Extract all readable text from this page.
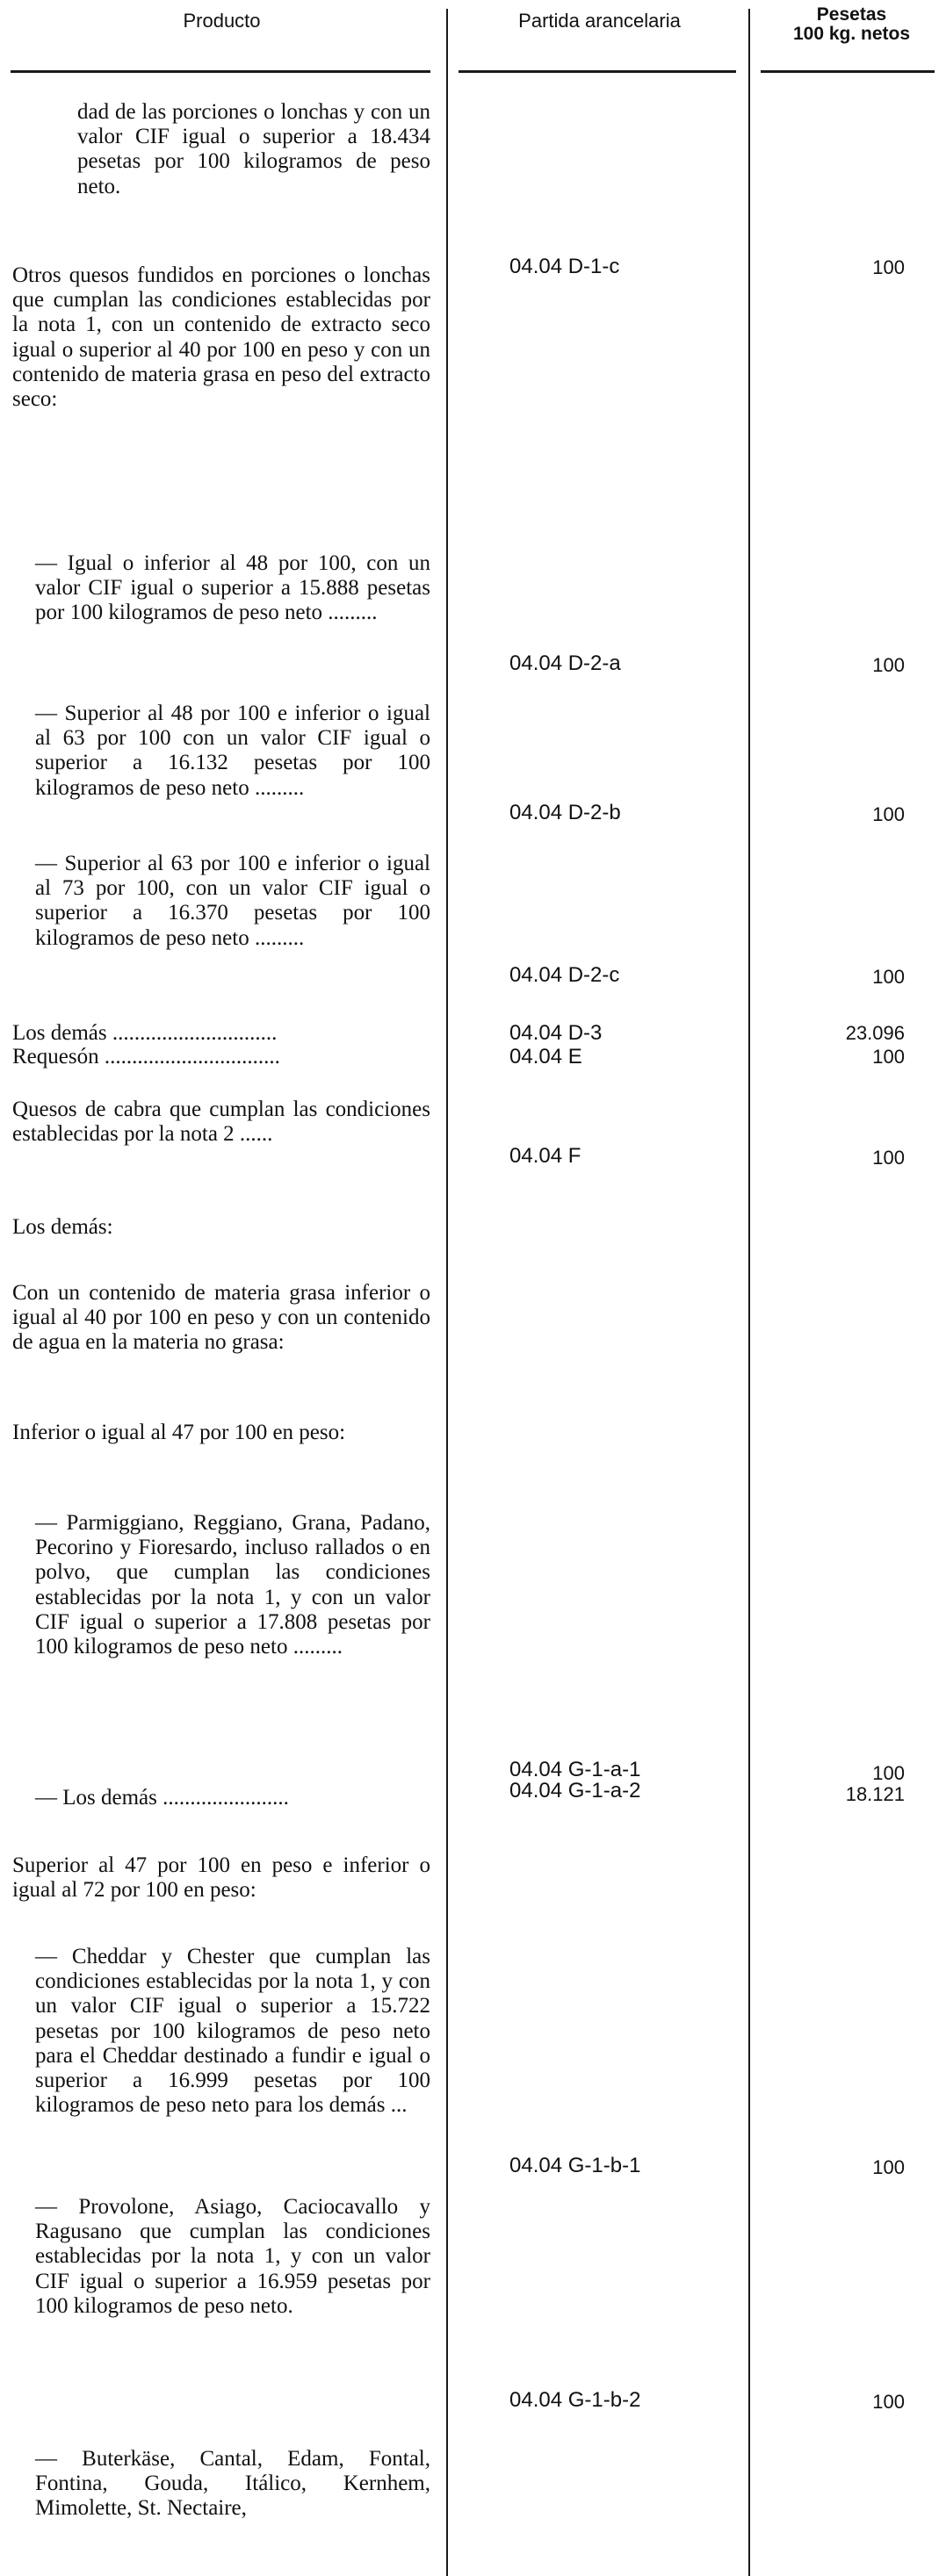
Producto	Partida arancelaria	Pesetas
100 kg. netos

dad de las porciones o lonchas y con un valor CIF igual o superior a 18.434 pesetas por 100 kilogramos de peso neto.

Otros quesos fundidos en porciones o lonchas que cumplan las condiciones establecidas por la nota 1, con un contenido de extracto seco igual o superior al 40 por 100 en peso y con un contenido de materia grasa en peso del extracto seco:

— Igual o inferior al 48 por 100, con un valor CIF igual o superior a 15.888 pesetas por 100 kilogramos de peso neto .........

— Superior al 48 por 100 e inferior o igual al 63 por 100 con un valor CIF igual o superior a 16.132 pesetas por 100 kilogramos de peso neto .........

— Superior al 63 por 100 e inferior o igual al 73 por 100, con un valor CIF igual o superior a 16.370 pesetas por 100 kilogramos de peso neto .........

Los demás ..............................

Requesón ................................

Quesos de cabra que cumplan las condiciones establecidas por la nota 2 ......

Los demás:

Con un contenido de materia grasa inferior o igual al 40 por 100 en peso y con un contenido de agua en la materia no grasa:

Inferior o igual al 47 por 100 en peso:

— Parmiggiano, Reggiano, Grana, Padano, Pecorino y Fioresardo, incluso rallados o en polvo, que cumplan las condiciones establecidas por la nota 1, y con un valor CIF igual o superior a 17.808 pesetas por 100 kilogramos de peso neto .........

— Los demás .......................

Superior al 47 por 100 en peso e inferior o igual al 72 por 100 en peso:

— Cheddar y Chester que cumplan las condiciones establecidas por la nota 1, y con un valor CIF igual o superior a 15.722 pesetas por 100 kilogramos de peso neto para el Cheddar destinado a fundir e igual o superior a 16.999 pesetas por 100 kilogramos de peso neto para los demás ...

— Provolone, Asiago, Caciocavallo y Ragusano que cumplan las condiciones establecidas por la nota 1, y con un valor CIF igual o superior a 16.959 pesetas por 100 kilogramos de peso neto.

— Buterkäse, Cantal, Edam, Fontal, Fontina, Gouda, Itálico, Kernhem, Mimolette, St. Nectaire,

04.04 D-1-c
04.04 D-2-a
04.04 D-2-b
04.04 D-2-c
04.04 D-3
04.04 E
04.04 F
04.04 G-1-a-1
04.04 G-1-a-2
04.04 G-1-b-1
04.04 G-1-b-2
100
100
100
100
23.096
100
100
100
18.121
100
100
